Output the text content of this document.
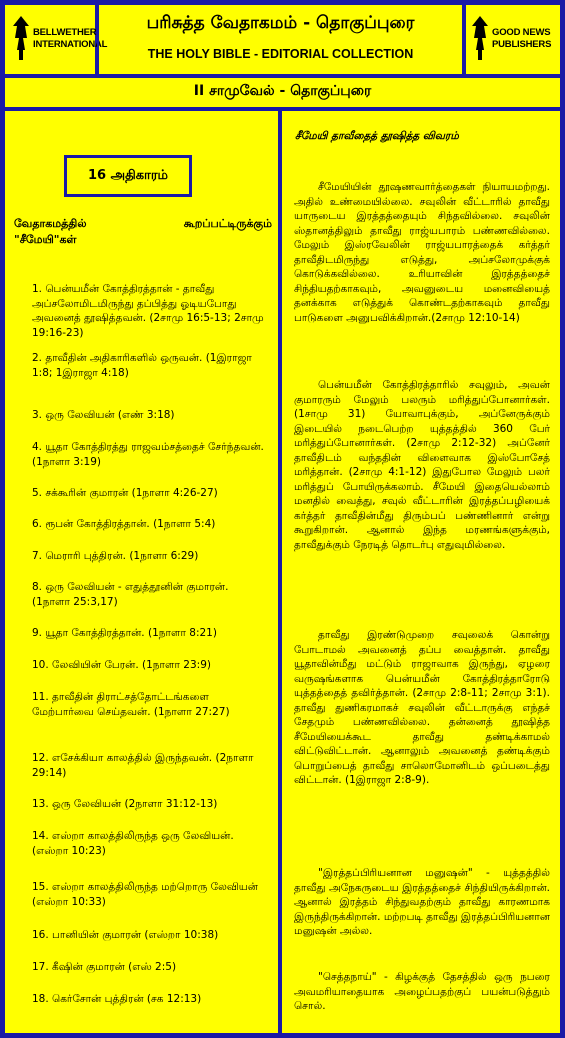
BELLWETHER INTERNATIONAL
பரிசுத்த வேதாகமம் - தொகுப்புரை
THE HOLY BIBLE - EDITORIAL COLLECTION
GOOD NEWS PUBLISHERS
II சாமுவேல் - தொகுப்புரை
16 அதிகாரம்
வேதாகமத்தில் கூறப்பட்டிருக்கும்
"சீமேயி"கள்
1. பென்யமீன் கோத்திரத்தான் - தாவீது அப்சலோமிடமிருந்து தப்பித்து ஓடியபோது அவனைத் தூஷித்தவன். (2சாமு 16:5-13; 2சாமு 19:16-23)
2. தாவீதின் அதிகாரிகளில் ஒருவன். (1இராஜா 1:8; 1இராஜா 4:18)
3. ஒரு லேவியன் (எண் 3:18)
4. யூதா கோத்திரத்து ராஜவம்சத்தைச் சேர்ந்தவன். (1நாளா 3:19)
5. சக்கூரின் குமாரன் (1நாளா 4:26-27)
6. ரூபன் கோத்திரத்தான். (1நாளா 5:4)
7. மெராரி புத்திரன். (1நாளா 6:29)
8. ஒரு லேவியன் - எதுத்தூனின் குமாரன். (1நாளா 25:3,17)
9. யூதா கோத்திரத்தான். (1நாளா 8:21)
10. லேவியின் பேரன். (1நாளா 23:9)
11. தாவீதின் திராட்சத்தோட்டங்களை மேற்பார்வை செய்தவன். (1நாளா 27:27)
12. எசேக்கியா காலத்தில் இருந்தவன். (2நாளா 29:14)
13. ஒரு லேவியன் (2நாளா 31:12-13)
14. எஸ்றா காலத்திலிருந்த ஒரு லேவியன். (எஸ்றா 10:23)
15. எஸ்றா காலத்திலிருந்த மற்றொரு லேவியன் (எஸ்றா 10:33)
16. பானியின் குமாரன் (எஸ்றா 10:38)
17. கீஷின் குமாரன் (எஸ் 2:5)
18. கெர்சோன் புத்திரன் (சக 12:13)
சீமேயி தாவீதைத் தூஷித்த விவரம்
சீமேயியின் தூஷணவார்த்தைகள் நியாயமற்றது. அதில் உண்மையில்லை. சவுலின் வீட்டாரில் தாவீது யாருடைய இரத்தத்தையும் சிந்தவில்லை. சவுலின் ஸ்தானத்திலும் தாவீது ராஜ்யபாரம் பண்ணவில்லை. மேலும் இஸ்ரவேலின் ராஜ்யபாரத்தைக் கர்த்தர் தாவீதிடமிருந்து எடுத்து, அப்சலோமுக்குக் கொடுக்கவில்லை. உரியாவின் இரத்தத்தைச் சிந்தியதற்காகவும், அவனுடைய மனைவியைத் தனக்காக எடுத்துக் கொண்டதற்காகவும் தாவீது பாடுகளை அனுபவிக்கிறான்.(2சாமு 12:10-14)
பென்யமீன் கோத்திரத்தாரில் சவுலும், அவன் குமாரரும் மேலும் பலரும் மரித்துப்போனார்கள். (1சாமு 31) யோவாபுக்கும், அப்னேருக்கும் இடையில் நடைபெற்ற யுத்தத்தில் 360 பேர் மரித்துப்போனார்கள். (2சாமு 2:12-32) அப்னேர் தாவீதிடம் வந்ததின் விளைவாக இஸ்போசேத் மரித்தான். (2சாமு 4:1-12) இதுபோல மேலும் பலர் மரித்துப் போயிருக்கலாம். சீமேயி இதையெல்லாம் மனதில் வைத்து, சவுல் வீட்டாரின் இரத்தப்பழியைக் கர்த்தர் தாவீதின்மீது திரும்பப் பண்ணினார் என்று கூறுகிறான். ஆனால் இந்த மரணங்களுக்கும், தாவீதுக்கும் நேரடித் தொடர்பு எதுவுமில்லை.
தாவீது இரண்டுமுறை சவுலைக் கொன்று போடாமல் அவனைத் தப்ப வைத்தான். தாவீது யூதாவின்மீது மட்டும் ராஜாவாக இருந்து, ஏழரை வருஷங்களாக பென்யமீன் கோத்திரத்தாரோடு யுத்தத்தைத் தவிர்த்தான். (2சாமு 2:8-11; 2சாமு 3:1). தாவீது துணிகரமாகச் சவுலின் வீட்டாருக்கு எந்தச் சேதமும் பண்ணவில்லை. தன்னைத் தூஷித்த சீமேயியைக்கூட தாவீது தண்டிக்காமல் விட்டுவிட்டான். ஆனாலும் அவனைத் தண்டிக்கும் பொறுப்பைத் தாவீது சாலொமோனிடம் ஒப்படைத்து விட்டான். (1இராஜா 2:8-9).
"இரத்தப்பிரியனான மனுஷன்" - யுத்தத்தில் தாவீது அநேகருடைய இரத்தத்தைச் சிந்தியிருக்கிறான். ஆனால் இரத்தம் சிந்துவதற்கும் தாவீது காரணமாக இருந்திருக்கிறான். மற்றபடி தாவீது இரத்தப்பிரியனான மனுஷன் அல்ல.
"செத்தநாய்" - கிழக்குத் தேசத்தில் ஒரு நபரை அவமரியாதையாக அழைப்பதற்குப் பயன்படுத்தும் சொல்.
